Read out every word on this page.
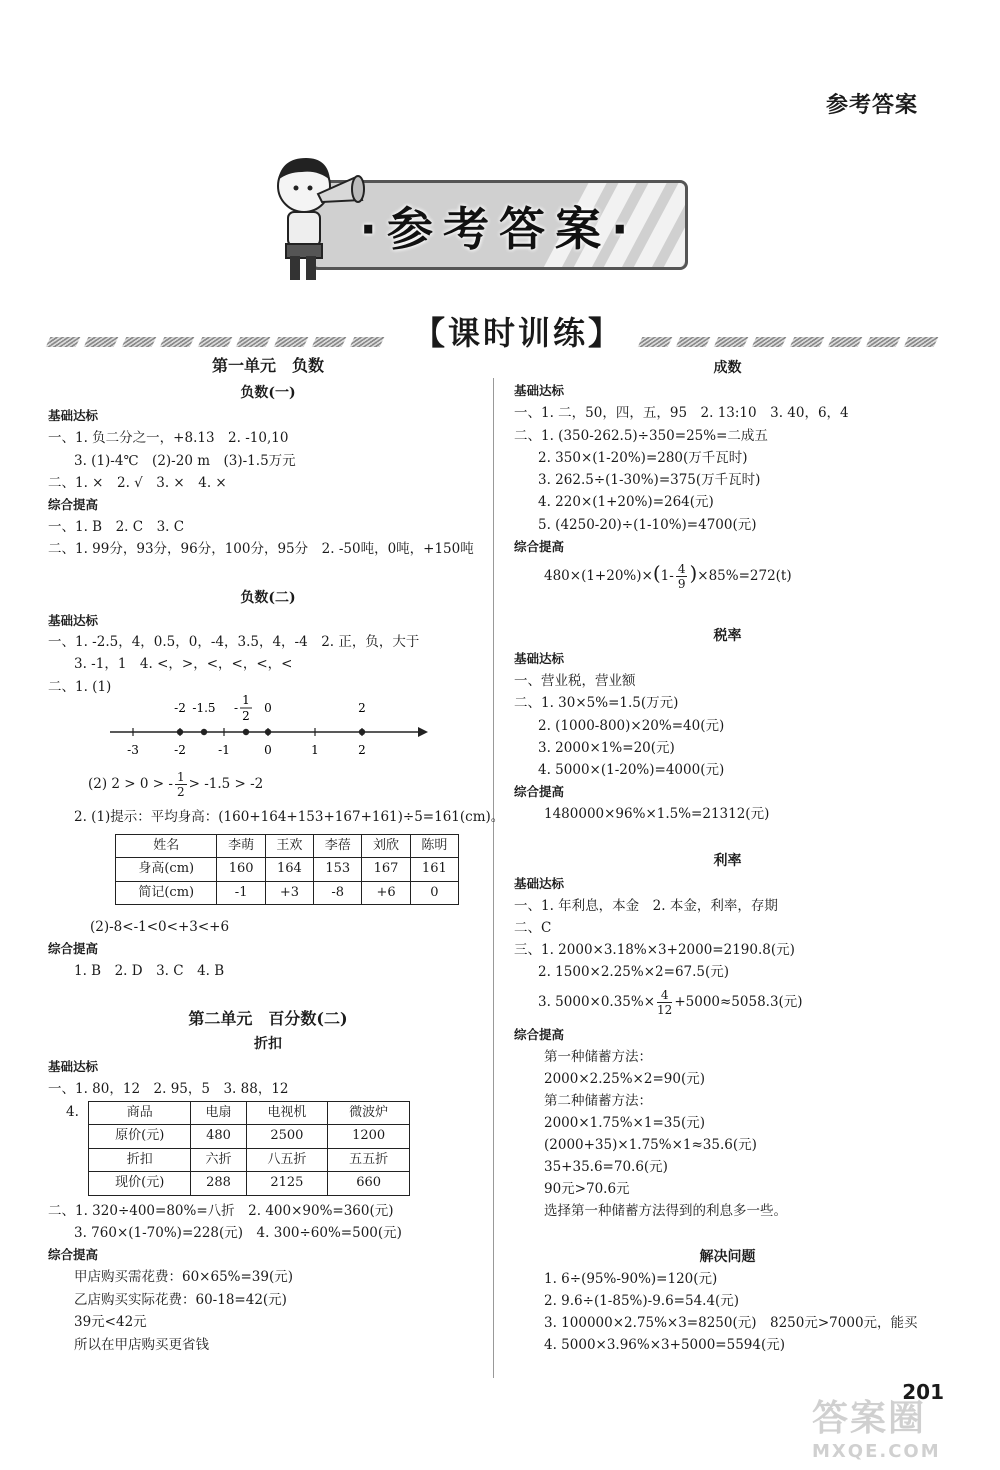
参考答案
·参考答案·
【课时训练】
第一单元　负数
负数(一)
基础达标
一、1. 负二分之一，+8.13　2. -10,10
3. (1)-4℃　(2)-20 m　(3)-1.5万元
二、1. ×　2. √　3. ×　4. ×
综合提高
一、1. B　2. C　3. C
二、1. 99分，93分，96分，100分，95分　2. -50吨，0吨，+150吨
负数(二)
基础达标
一、1. -2.5，4，0.5，0，-4，3.5，4，-4　2. 正，负，大于
3. -1，1　4. <，>，<，<，<，<
二、1. (1)
-2 -1.5 -
1
2
0	2
-3	-2	-1	0	1	2
(2) 2 > 0 > - $\frac{1}{2} > -1.5 > -2$
2. (1)提示：平均身高：(160+164+153+167+161)÷5=161(cm)。
姓名	李萌	王欢	李蓓	刘欣	陈明
身高(cm)	160	164	153	167	161
简记(cm)	-1	+3	-8	+6	0
(2)-8<-1<0<+3<+6
综合提高
1. B　2. D　3. C　4. B
第二单元　百分数(二)
折扣
基础达标
一、1. 80，12　2. 95，5　3. 88，12
4.	商品	电扇	电视机	微波炉
原价(元)	480	2500	1200
折扣	六折	八五折	五五折
现价(元)	288	2125	660
二、1. 320÷400=80%=八折　2. 400×90%=360(元)
3. 760×(1-70%)=228(元)　4. 300÷60%=500(元)
综合提高
甲店购买需花费：60×65%=39(元)
乙店购买实际花费：60-18=42(元)
39元<42元
所以在甲店购买更省钱
成数
基础达标
一、1. 二，50，四，五，95　2. 13:10　3. 40，6，4
二、1. (350-262.5)÷350=25%=二成五
2. 350×(1-20%)=280(万千瓦时)
3. 262.5÷(1-30%)=375(万千瓦时)
4. 220×(1+20%)=264(元)
5. (4250-20)÷(1-10%)=4700(元)
综合提高
$480\times(1+20\%)\times(1- \frac{4}{9} )\times 85\%=272(t)$
税率
基础达标
一、营业税，营业额
二、1. 30×5%=1.5(万元)
2. (1000-800)×20%=40(元)
3. 2000×1%=20(元)
4. 5000×(1-20%)=4000(元)
综合提高
1480000×96%×1.5%=21312(元)
利率
基础达标
一、1. 年利息，本金　2. 本金，利率，存期
二、C
三、1. 2000×3.18%×3+2000=2190.8(元)
2. 1500×2.25%×2=67.5(元)
3. $5000\times 0.35\%\times \frac{4}{12} +5000\approx 5058.3$(元)
综合提高
第一种储蓄方法：
2000×2.25%×2=90(元)
第二种储蓄方法：
2000×1.75%×1=35(元)
(2000+35)×1.75%×1≈35.6(元)
35+35.6=70.6(元)
90元>70.6元
选择第一种储蓄方法得到的利息多一些。
解决问题
1. 6÷(95%-90%)=120(元)
2. 9.6÷(1-85%)-9.6=54.4(元)
3. 100000×2.75%×3=8250(元)　8250元>7000元，能买
4. 5000×3.96%×3+5000=5594(元)
201
答案圈
MXQE.COM
